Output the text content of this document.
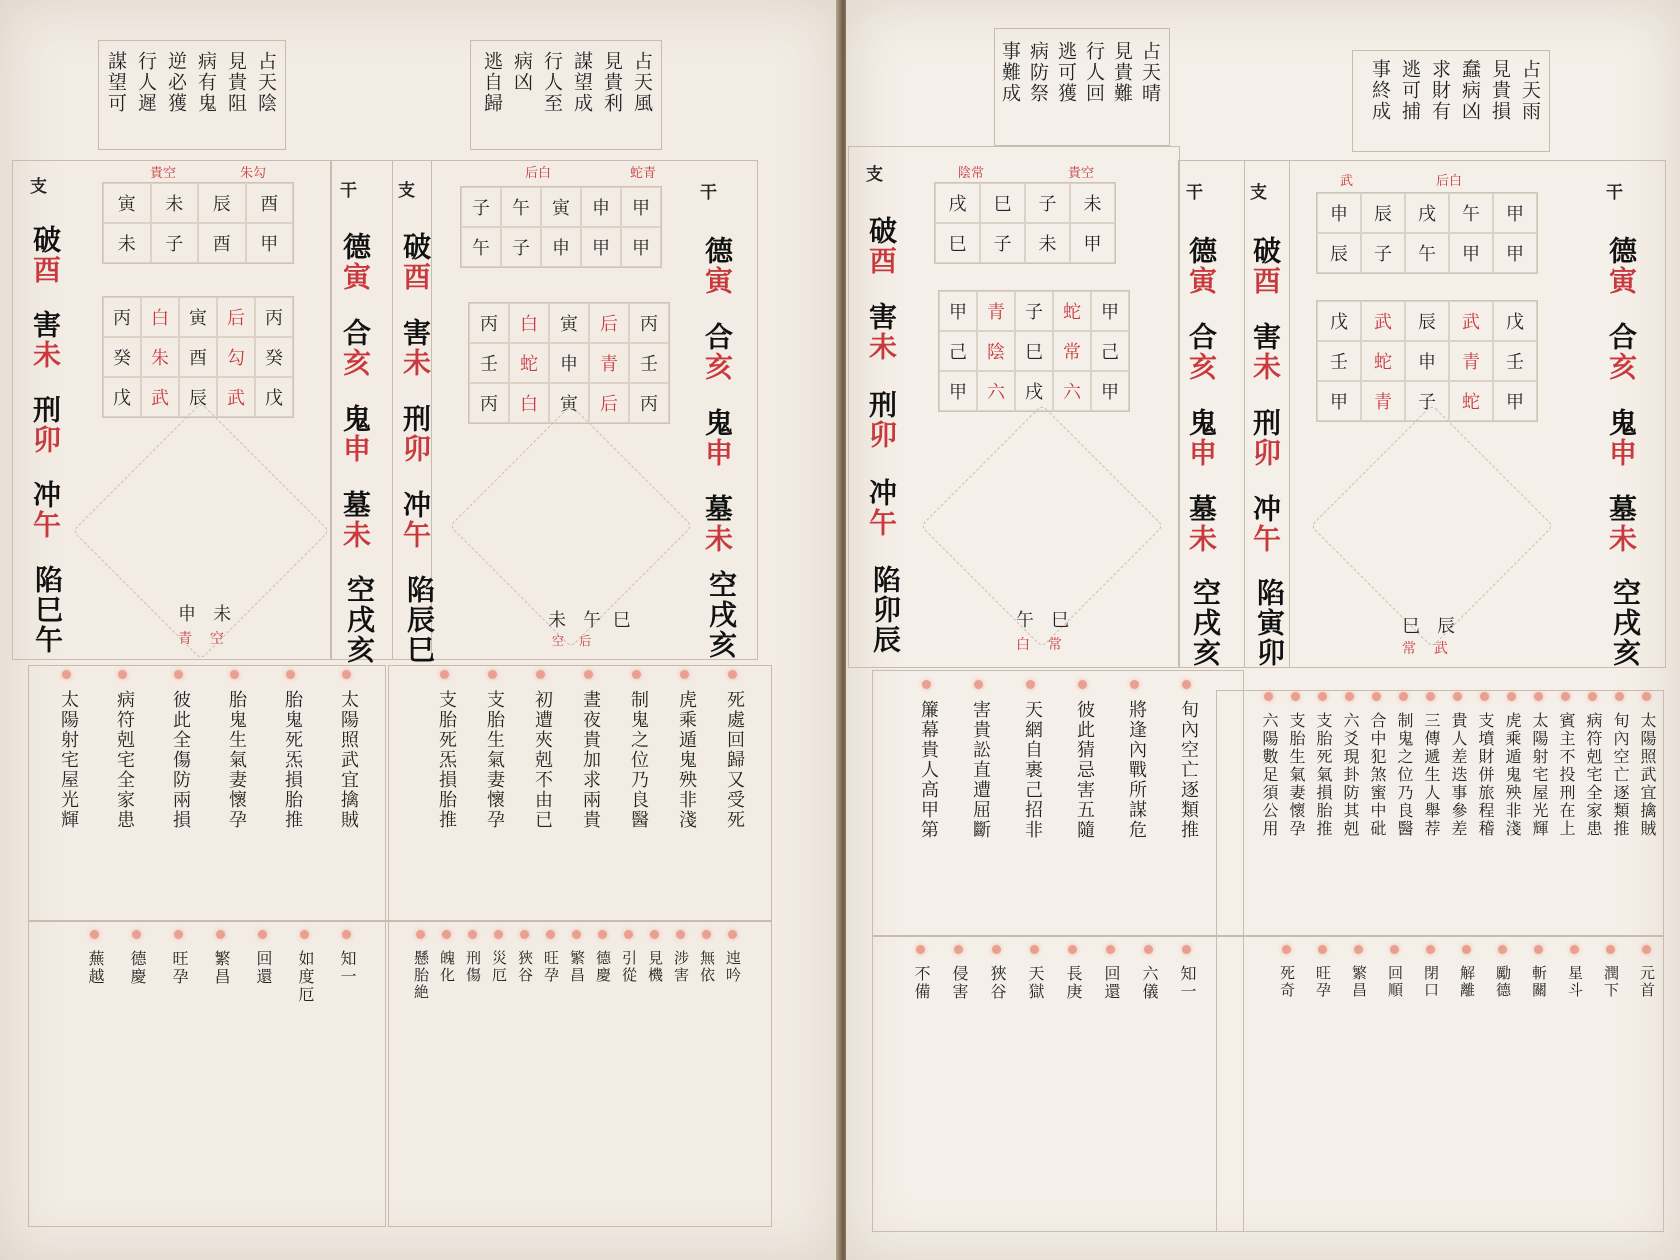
占天陰
見貴阻
病有鬼
逆必獲
行人遲
謀望可	占天風
見貴利
謀望成
行人至
病凶
逃自歸
支
破酉
害未
刑卯
冲午
陷巳午
貴空	朱勾
寅	未	辰	酉
未	子	酉	甲
丙	白	寅	后	丙
癸	朱	酉	勾	癸
戊	武	辰	武	戊
申 未
青 空
干
德寅
合亥
鬼申
墓未
空戌亥
支
破酉
害未
刑卯
冲午
陷辰巳
后白	蛇青
子	午	寅	申	甲
午	子	申	甲	甲
丙	白	寅	后	丙
壬	蛇	申	青	壬
丙	白	寅	后	丙
未 午 巳
空 后
干
德寅
合亥
鬼申
墓未
空戌亥
太陽照武宜擒賊
胎鬼死炁損胎推
胎鬼生氣妻懷孕
彼此全傷防兩損
病符剋宅全家患
太陽射宅屋光輝	死處回歸又受死
虎乘遁鬼殃非淺
制鬼之位乃良醫
晝夜貴加求兩貴
初遭夾剋不由已
支胎生氣妻懷孕
支胎死炁損胎推
知一
如度厄
回還
繁昌
旺孕
德慶
蕪越	迍吟
無依
涉害
見機
引從
德慶
繁昌
旺孕
狹谷
災厄
刑傷
魄化
懸胎絶
占天晴
見貴難
行人回
逃可獲
病防祭
事難成	占天雨
見貴損
蠢病凶
求財有
逃可捕
事終成
支
破酉
害未
刑卯
冲午
陷卯辰
陰常	貴空
戌	巳	子	未
巳	子	未	甲
甲	青	子	蛇	甲
己	陰	巳	常	己
甲	六	戌	六	甲
午 巳
白 常
干
德寅
合亥
鬼申
墓未
空戌亥
支
破酉
害未
刑卯
冲午
陷寅卯
武	后白
申	辰	戌	午	甲
辰	子	午	甲	甲
戊	武	辰	武	戊
壬	蛇	申	青	壬
甲	青	子	蛇	甲
巳 辰
常 武
干
德寅
合亥
鬼申
墓未
空戌亥
旬內空亡逐類推
將逢內戰所謀危
彼此猜忌害五隨
天網自裹己招非
害貴訟直遭屈斷
簾幕貴人高甲第	太陽照武宜擒賊
旬內空亡逐類推
病符剋宅全家患
賓主不投刑在上
太陽射宅屋光輝
虎乘遁鬼殃非淺
支墳財併旅程稽
貴人差迭事參差
三傳遞生人舉荐
制鬼之位乃良醫
合中犯煞蜜中砒
六爻現卦防其剋
支胎死氣損胎推
支胎生氣妻懷孕
六陽數足須公用
知一
六儀
回還
長庚
天獄
狹谷
侵害
不備	元首
潤下
星斗
斬關
勵德
解離
閉口
回順
繁昌
旺孕
死奇
